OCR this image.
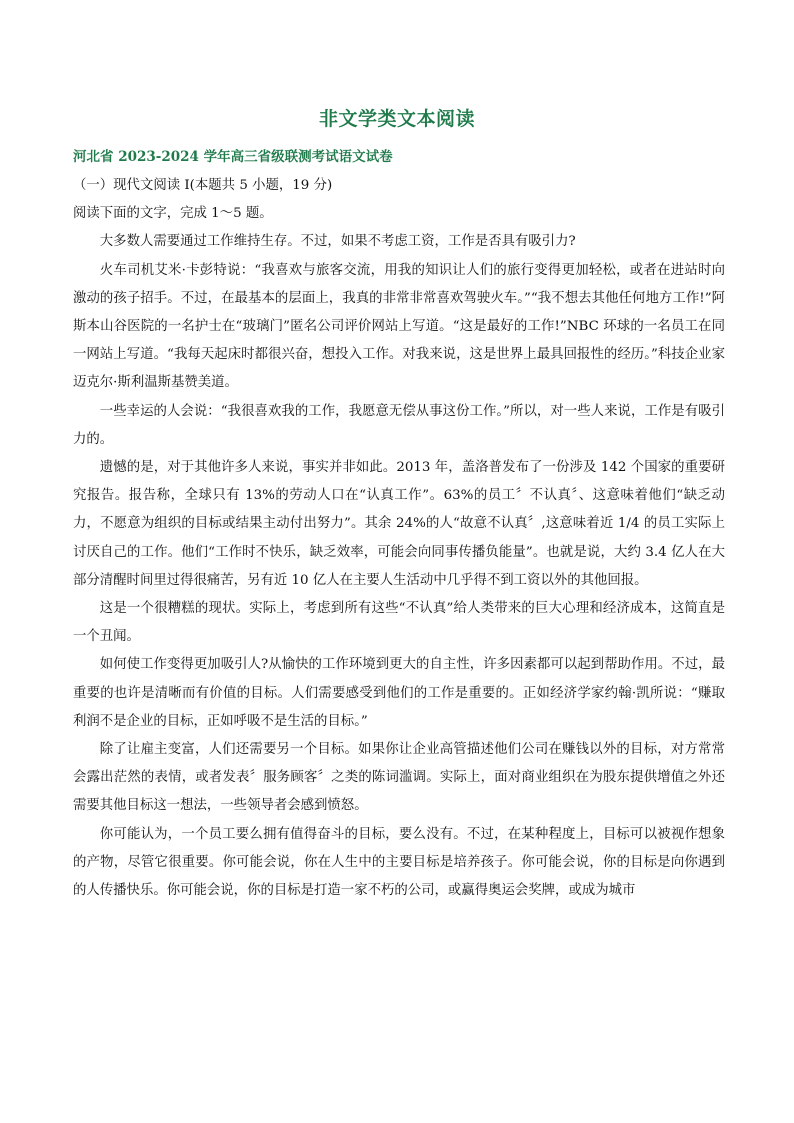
非文学类文本阅读
河北省 2023-2024 学年高三省级联测考试语文试卷

（一）现代文阅读 I(本题共 5 小题，19 分)

阅读下面的文字，完成 1～5 题。

大多数人需要通过工作维持生存。不过，如果不考虑工资，工作是否具有吸引力?

火车司机艾米·卡彭特说：“我喜欢与旅客交流，用我的知识让人们的旅行变得更加轻松，或者在进站时向激动的孩子招手。不过，在最基本的层面上，我真的非常非常喜欢驾驶火车。”“我不想去其他任何地方工作!”阿斯本山谷医院的一名护士在“玻璃门”匿名公司评价网站上写道。“这是最好的工作!”NBC 环球的一名员工在同一网站上写道。“我每天起床时都很兴奋，想投入工作。对我来说，这是世界上最具回报性的经历。”科技企业家迈克尔·斯利温斯基赞美道。

一些幸运的人会说：“我很喜欢我的工作，我愿意无偿从事这份工作。”所以，对一些人来说，工作是有吸引力的。

遗憾的是，对于其他许多人来说，事实并非如此。2013 年，盖洛普发布了一份涉及 142 个国家的重要研究报告。报告称，全球只有 13%的劳动人口在“认真工作”。63%的员工〞不认真〞、这意味着他们“缺乏动力，不愿意为组织的目标或结果主动付出努力”。其余 24%的人“故意不认真〞,这意味着近 1/4 的员工实际上讨厌自己的工作。他们“工作时不快乐，缺乏效率，可能会向同事传播负能量”。也就是说，大约 3.4 亿人在大部分清醒时间里过得很痛苦，另有近 10 亿人在主要人生活动中几乎得不到工资以外的其他回报。

这是一个很糟糕的现状。实际上，考虑到所有这些“不认真”给人类带来的巨大心理和经济成本，这简直是一个丑闻。

如何使工作变得更加吸引人?从愉快的工作环境到更大的自主性，许多因素都可以起到帮助作用。不过，最重要的也许是清晰而有价值的目标。人们需要感受到他们的工作是重要的。正如经济学家约翰·凯所说：“赚取利润不是企业的目标，正如呼吸不是生活的目标。”

除了让雇主变富，人们还需要另一个目标。如果你让企业高管描述他们公司在赚钱以外的目标，对方常常会露出茫然的表情，或者发表〞服务顾客〞之类的陈词滥调。实际上，面对商业组织在为股东提供增值之外还需要其他目标这一想法，一些领导者会感到愤怒。

你可能认为，一个员工要么拥有值得奋斗的目标，要么没有。不过，在某种程度上，目标可以被视作想象的产物，尽管它很重要。你可能会说，你在人生中的主要目标是培养孩子。你可能会说，你的目标是向你遇到的人传播快乐。你可能会说，你的目标是打造一家不朽的公司，或赢得奥运会奖牌，或成为城市
